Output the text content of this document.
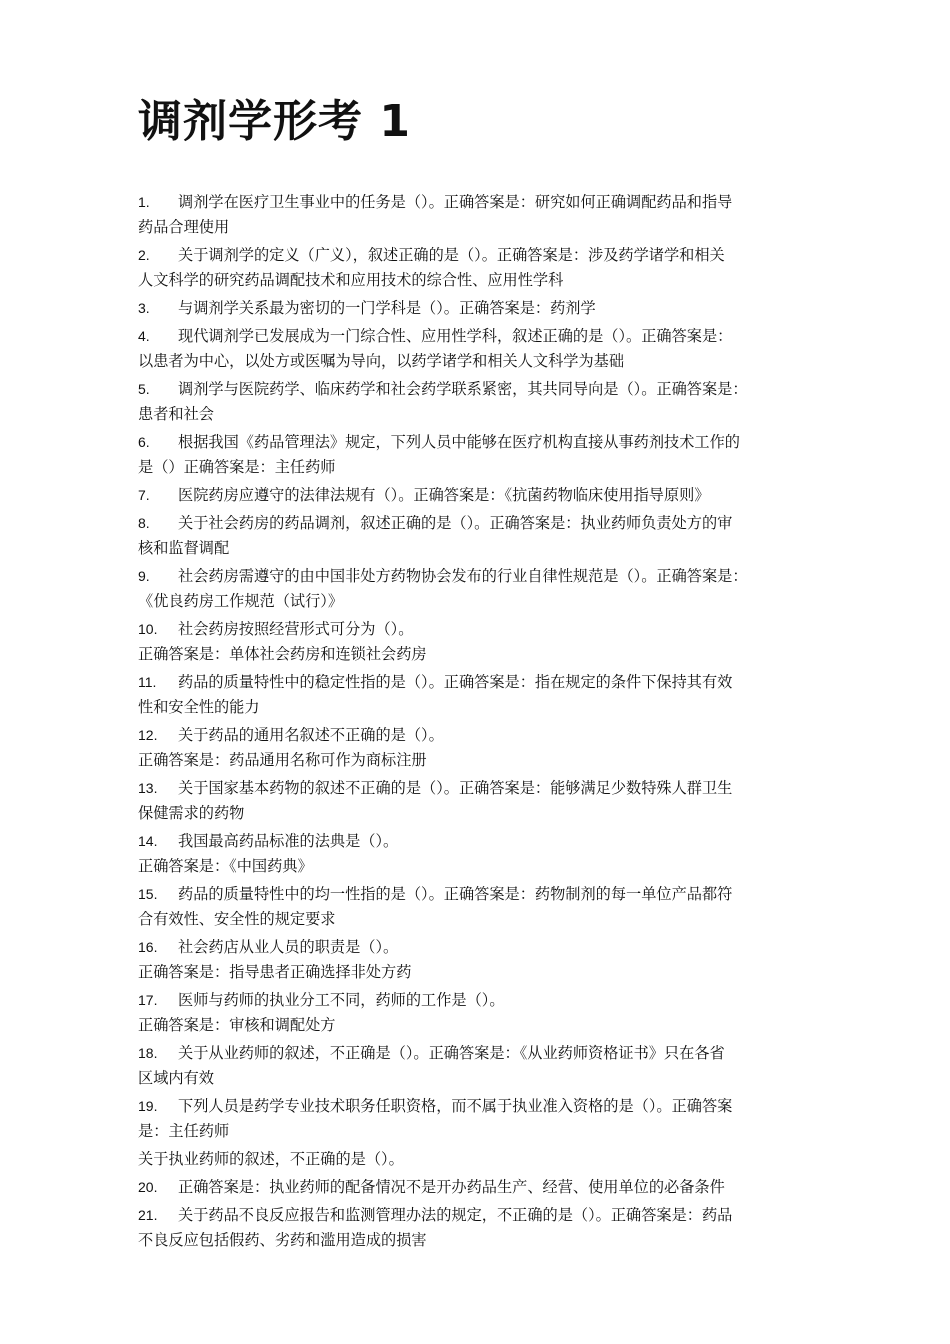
调剂学形考 1
1. 调剂学在医疗卫生事业中的任务是（）。正确答案是：研究如何正确调配药品和指导
药品合理使用
2. 关于调剂学的定义（广义），叙述正确的是（）。正确答案是：涉及药学诸学和相关
人文科学的研究药品调配技术和应用技术的综合性、应用性学科
3. 与调剂学关系最为密切的一门学科是（）。正确答案是：药剂学
4. 现代调剂学已发展成为一门综合性、应用性学科，叙述正确的是（）。正确答案是：
以患者为中心，以处方或医嘱为导向，以药学诸学和相关人文科学为基础
5. 调剂学与医院药学、临床药学和社会药学联系紧密，其共同导向是（）。正确答案是：
患者和社会
6. 根据我国《药品管理法》规定，下列人员中能够在医疗机构直接从事药剂技术工作的
是（）正确答案是：主任药师
7. 医院药房应遵守的法律法规有（）。正确答案是：《抗菌药物临床使用指导原则》
8. 关于社会药房的药品调剂，叙述正确的是（）。正确答案是：执业药师负责处方的审
核和监督调配
9. 社会药房需遵守的由中国非处方药物协会发布的行业自律性规范是（）。正确答案是：
《优良药房工作规范（试行）》
10. 社会药房按照经营形式可分为（）。
正确答案是：单体社会药房和连锁社会药房
11. 药品的质量特性中的稳定性指的是（）。正确答案是：指在规定的条件下保持其有效
性和安全性的能力
12. 关于药品的通用名叙述不正确的是（）。
正确答案是：药品通用名称可作为商标注册
13. 关于国家基本药物的叙述不正确的是（）。正确答案是：能够满足少数特殊人群卫生
保健需求的药物
14. 我国最高药品标准的法典是（）。
正确答案是：《中国药典》
15. 药品的质量特性中的均一性指的是（）。正确答案是：药物制剂的每一单位产品都符
合有效性、安全性的规定要求
16. 社会药店从业人员的职责是（）。
正确答案是：指导患者正确选择非处方药
17. 医师与药师的执业分工不同，药师的工作是（）。
正确答案是：审核和调配处方
18. 关于从业药师的叙述，不正确是（）。正确答案是：《从业药师资格证书》只在各省
区域内有效
19. 下列人员是药学专业技术职务任职资格，而不属于执业准入资格的是（）。正确答案
是：主任药师
关于执业药师的叙述，不正确的是（）。
20. 正确答案是：执业药师的配备情况不是开办药品生产、经营、使用单位的必备条件
21. 关于药品不良反应报告和监测管理办法的规定，不正确的是（）。正确答案是：药品
不良反应包括假药、劣药和滥用造成的损害
